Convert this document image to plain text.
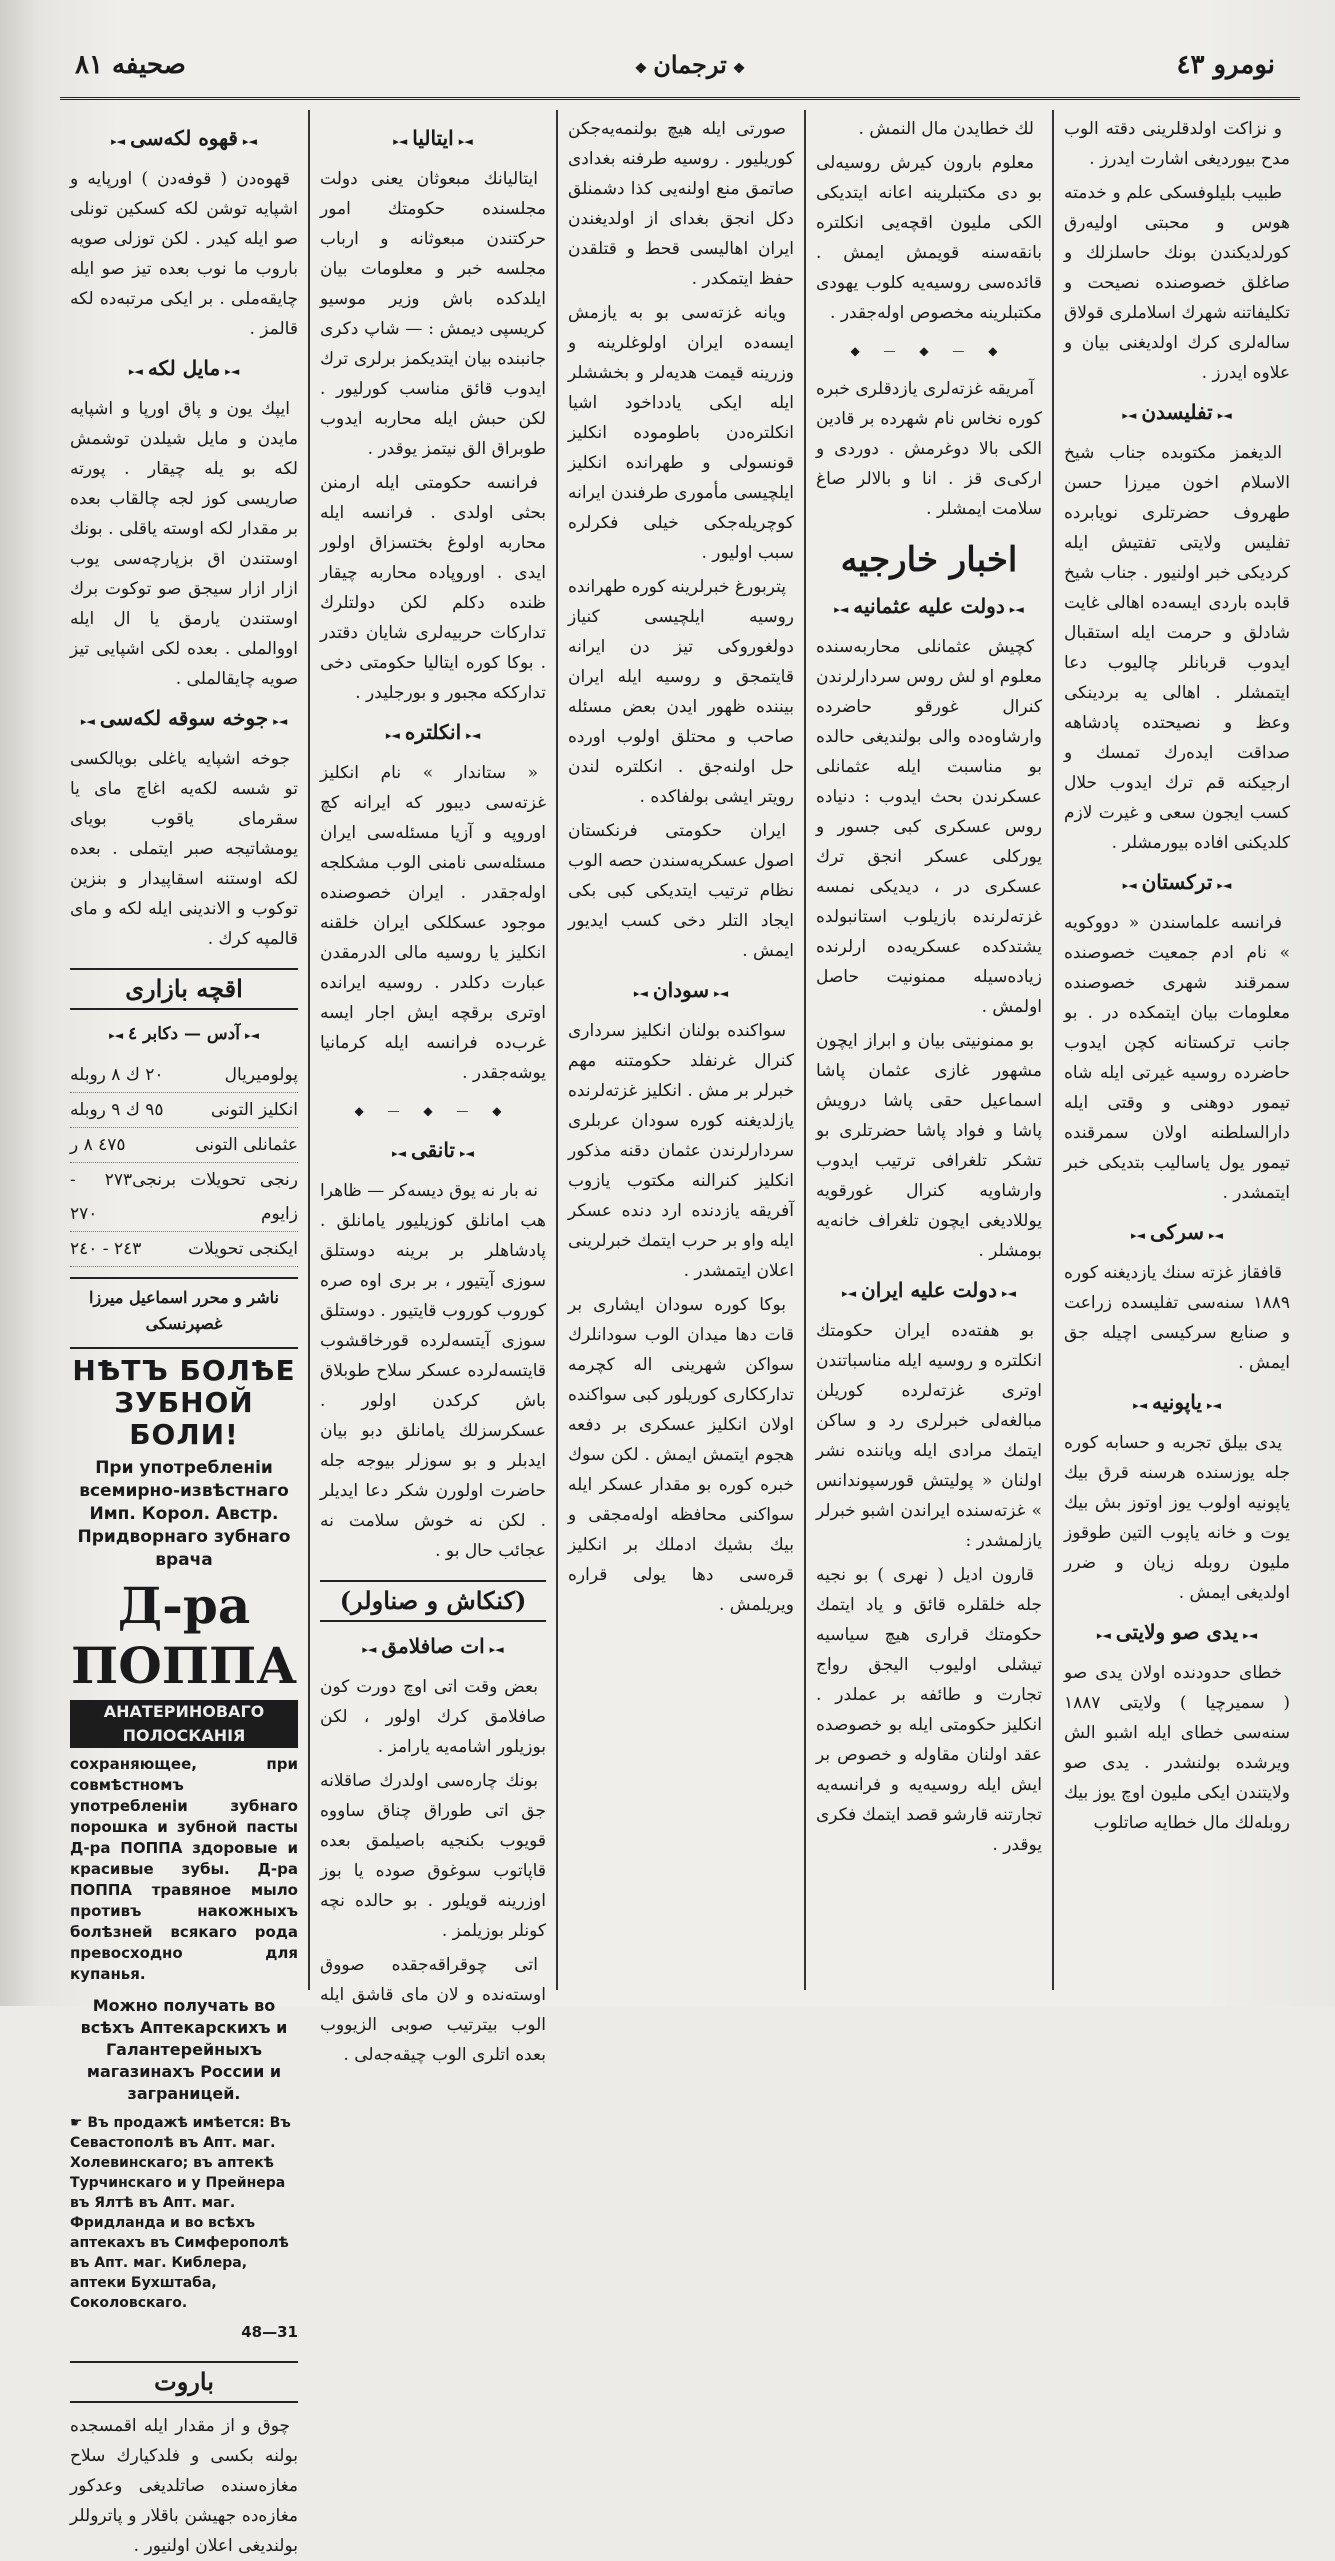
صحيفه ٨١
❖	ترجمان ❖	نومرو ٤٣

و نزاكت اولدقلرينى دقته الوب مدح بيورديغى اشارت ايدرز .

طبيب بليلوفسكى علم و خدمته هوس و محبتى اوليه‌رق كورلديكندن بونك حاسلزلك و صاغلق خصوصنده نصيحت و تكليفاتنه شهرك اسلاملرى قولاق ساله‌لرى كرك اولديغنى بيان و علاوه ايدرز .

◄▸ تفليسدن ◄▸

الديغمز مكتوبده جناب شيخ الاسلام اخون ميرزا حسن طهروف حضرتلرى نويابرده تفليس ولايتى تفتيش ايله كرديكى خبر اولنيور . جناب شيخ قابده باردى ايسه‌ده اهالى غايت شادلق و حرمت ايله استقبال ايدوب قربانلر چاليوب دعا ايتمشلر . اهالى يه بردينكى وعظ و نصيحتده پادشاهه صداقت ايده‌رك تمسك و ارجيكنه قم ترك ايدوب حلال كسب ايجون سعى و غيرت لازم كلديكنى افاده بيورمشلر .

◄▸ تركستان ◄▸

فرانسه علماسندن « دووكويه » نام ادم جمعيت خصوصنده سمرقند شهرى خصوصنده معلومات بيان ايتمكده در . بو جانب تركستانه كچن ايدوب حاضرده روسيه غيرتى ايله شاه تيمور دوهنى و وقتى ايله دارالسلطنه اولان سمرقنده تيمور يول ياساليب بتديكى خبر ايتمشدر .

◄▸ سركى ◄▸

قافقاز غزته سنك يازديغنه كوره ١٨٨٩ سنه‌سى تفليسده زراعت و صنايع سركيسى اچيله جق ايمش .

◄▸ ياپونيه ◄▸

يدى بيلق تجربه و حسابه كوره جله يوزسنده هرسنه قرق بيك ياپونيه اولوب يوز اوتوز بش بيك يوت و خانه ياپوب التين طوقوز مليون روبله زيان و ضرر اولديغى ايمش .

◄▸ يدى صو ولايتى ◄▸

خطاى حدودنده اولان يدى صو ( سميرچيا ) ولايتى ١٨٨٧ سنه‌سى خطاى ايله اشبو الش ويرشده بولنشدر . يدى صو ولايتندن ايكى مليون اوچ يوز بيك روبله‌لك مال خطايه صاتلوب

لك خطايدن مال النمش .

معلوم بارون كيرش روسيه‌لى بو دى مكتبلرينه اعانه ايتديكى الكى مليون اقچه‌يى انكلتره بانقه‌سنه قويمش ايمش . قائده‌سى روسيه‌يه كلوب يهودى مكتبلرينه مخصوص اوله‌جقدر .

◆ — ◆ — ◆

آمريقه غزته‌لرى يازدقلرى خبره كوره نخاس نام شهرده بر قادين الكى بالا دوغرمش . دوردى و اركى‌ى قز . انا و بالالر صاغ سلامت ايمشلر .

اخبار خارجيه
◄▸ دولت عليه عثمانيه ◄▸

كچيش عثمانلى محاربه‌سنده معلوم او لش روس سردارلرندن كنرال غورقو حاضرده وارشاوه‌ده والى بولنديغى حالده بو مناسبت ايله عثمانلى عسكرندن بحث ايدوب : دنياده روس عسكرى كبى جسور و يوركلى عسكر انجق ترك عسكرى در ، ديديكى نمسه غزته‌لرنده بازيلوب استانبولده يشتدكده عسكريه‌ده ارلرنده زياده‌سيله ممنونيت حاصل اولمش .

بو ممنونيتى بيان و ابراز ايچون مشهور غازى عثمان پاشا اسماعيل حقى پاشا درويش پاشا و فواد پاشا حضرتلرى بو تشكر تلغرافى ترتيب ايدوب وارشاويه كنرال غورقويه يوللاديغى ايچون تلغراف خانه‌يه بومشلر .

◄▸ دولت عليه ايران ◄▸

بو هفته‌ده ايران حكومتك انكلتره و روسيه ايله مناسباتندن اوترى غزته‌لرده كوريلن مبالغه‌لى خبرلرى رد و ساكن ايتمك مرادى ايله وياننده نشر اولنان « پوليتش قورسپوندانس » غزته‌سنده ايراندن اشبو خبرلر يازلمشدر :

قارون اديل ( نهرى ) بو نجيه جله خلقلره قائق و ياد ايتمك حكومتك قرارى هيچ سياسيه تيشلى اوليوب اليجق رواج تجارت و طائفه بر عملدر . انكليز حكومتى ايله بو خصوصده عقد اولنان مقاوله و خصوص بر ايش ايله روسيه‌يه و فرانسه‌يه تجارتنه قارشو قصد ايتمك فكرى يوقدر .

صورتى ايله هيچ بولنمه‌يه‌جكن كوريليور . روسيه طرفنه بغدادى صاتمق منع اولنه‌يى كذا دشمنلق دكل انجق بغداى از اولديغندن ايران اهاليسى قحط و قتلقدن حفظ ايتمكدر .

ويانه غزته‌سى بو به يازمش ايسه‌ده ايران اولوغلرينه و وزرينه قيمت هديه‌لر و بخششلر ايله ايكى يادداخود اشيا انكلتره‌دن باطوموده انكليز قونسولى و طهرانده انكليز ايلچيسى مأمورى طرفندن ايرانه كوچريله‌جكى خيلى فكرلره سبب اوليور .

پتربورغ خبرلرينه كوره طهرانده روسيه ايلچيسى كنياز دولغوروكى تيز دن ايرانه قايتمجق و روسيه ايله ايران بيننده ظهور ايدن بعض مسئله صاحب و محتلق اولوب اورده حل اولنه‌جق . انكلتره لندن رويتر ايشى بولفاكده .

ايران حكومتى فرنكستان اصول عسكريه‌سندن حصه الوب نظام ترتيب ايتديكى كبى بكى ايجاد التلر دخى كسب ايديور ايمش .

◄▸ سودان ◄▸

سواكنده بولنان انكليز سردارى كنرال غرنفلد حكومتنه مهم خبرلر بر مش . انكليز غزته‌لرنده يازلديغنه كوره سودان عربلرى سردارلرندن عثمان دقنه مذكور انكليز كنرالنه مكتوب يازوب آفريقه يازدنده ارد دنده عسكر ايله واو بر حرب ايتمك خبرلرينى اعلان ايتمشدر .

بوكا كوره سودان ايشارى بر قات دها ميدان الوب سودانلرك سواكن شهرينى اله كچرمه تدارككارى كوريلور كبى سواكنده اولان انكليز عسكرى بر دفعه هجوم ايتمش ايمش . لكن سوك خبره كوره بو مقدار عسكر ايله سواكنى محافظه اوله‌مجقى و بيك بشيك ادملك بر انكليز قره‌سى دها يولى قراره ويريلمش .

◄▸ ايتاليا ◄▸

ايتاليانك مبعوثان يعنى دولت مجلسنده حكومتك امور حركتندن مبعوثانه و ارباب مجلسه خبر و معلومات بيان ايلدكده باش وزير موسيو كريسپى ديمش : — شاپ دكرى جانبنده بيان ايتديكمز برلرى ترك ايدوب قائق مناسب كورليور . لكن حبش ايله محاربه ايدوب طوبراق الق نيتمز يوقدر .

فرانسه حكومتى ايله ارمنن بحثى اولدى . فرانسه ايله محاربه اولوغ بختسزاق اولور ايدى . اوروپاده محاربه چيقار ظنده دكلم لكن دولتلرك تداركات حربيه‌لرى شايان دقتدر . بوكا كوره ايتاليا حكومتى دخى تدارككه مجبور و بورجليدر .

◄▸ انكلتره ◄▸

« ستاندار » نام انكليز غزته‌سى ديبور كه ايرانه كچ اوروپه و آزيا مسئله‌سى ايران مسئله‌سى نامنى الوب مشكلجه اوله‌جقدر . ايران خصوصنده موجود عسكلكى ايران خلقنه انكليز يا روسيه مالى الدرمقدن عبارت دكلدر . روسيه ايرانده اوترى برقچه ايش اجار ايسه غرب‌ده فرانسه ايله كرمانيا يوشه‌جقدر .

◆ — ◆ — ◆
◄▸ تانقى ◄▸

نه بار نه يوق ديسه‌كر — ظاهرا هب امانلق كوزيليور يامانلق . پادشاهلر بر برينه دوستلق سوزى آيتيور ، بر برى اوه صره كوروب كوروب قايتيور . دوستلق سوزى آيتسه‌لرده قورخاقشوب قايتسه‌لرده عسكر سلاح طوبلاق باش كركدن اولور . عسكرسزلك يامانلق دبو بيان ايدبلر و بو سوزلر بيوجه جله حاضرت اولورن شكر دعا ايديلر . لكن نه خوش سلامت نه عجائب حال بو .

(كنكاش و صناولر)
◄▸ ات صافلامق ◄▸

بعض وقت اتى اوچ دورت كون صافلامق كرك اولور ، لكن بوزيلور اشامه‌يه يارامز .

بونك چاره‌سى اولدرك صاقلانه جق اتى طوراق چناق ساووه قويوب بكنجيه باصيلمق بعده قاپاتوب سوغوق صوده يا بوز اوزرينه قويلور . بو حالده نچه كونلر بوزيلمز .

اتى چوقراقه‌جقده صووق اوسته‌نده و لان ماى قاشق ايله الوب بيترتيب صوبى الزيووب بعده اتلرى الوب چيقه‌جه‌لى .

◄▸ قهوه لكه‌سى ◄▸

قهوه‌دن ( قوفه‌دن ) اورپايه و اشپايه توشن لكه كسكين تونلى صو ايله كيدر . لكن توزلى صويه باروب ما نوب بعده تيز صو ايله چايقه‌ملى . بر ايكى مرتبه‌ده لكه قالمز .

◄▸ مايل لكه ◄▸

ايپك يون و پاق اورپا و اشپايه مايدن و مايل شيلدن توشمش لكه بو يله چيقار . پورته صاريسى كوز لجه چالقاب بعده بر مقدار لكه اوسته ياقلى . بونك اوستندن اق بزپارچه‌سى يوب ازار ازار سيجق صو توكوت برك اوستندن يارمق يا ال ايله اووالملى . بعده لكى اشپايى تيز صويه چايقالملى .

◄▸ جوخه سوقه لكه‌سى ◄▸

جوخه اشپايه ياغلى بويالكسى تو شسه لكه‌يه اغاچ ماى يا سقرماى ياقوب بوياى يومشاتيجه صبر ايتملى . بعده لكه اوستنه اسقاپيدار و بنزين توكوب و الاندينى ايله لكه و ماى قالمپه كرك .

اقچه بازارى
◄▸ آدس — دكابر ٤ ◄▸
پولوميريال
٢٠ ك ٨ روبله
انكليز التونى
٩٥ ك ٩ روبله
عثمانلى التونى
٤٧٥ ٨ ر
رنجى تحويلات برنجى زايوم
٢٧٣ - ٢٧٠
ايكنجى تحويلات
٢٤٣ - ٢٤٠
ناشر و محرر اسماعيل ميرزا غصپرنسكى
НѢТЪ БОЛѢЕ ЗУБНОЙ БОЛИ!
При употребленiи всемирно-извѣстнаго Имп. Корол. Австр. Придворнаго зубнаго врача
Д-ра ПОППА
АНАТЕРИНОВАГО ПОЛОСКАНIЯ
сохраняющее, при совмѣстномъ употребленiи зубнаго порошка и зубной пасты Д-ра ПОППА здоровые и красивые зубы. Д-ра ПОППА травяное мыло противъ накожныхъ болѣзней всякаго рода превосходно для купанья.
Можно получать во всѣхъ Аптекарскихъ и Галантерейныхъ магазинахъ России и заграницей.
☛ Въ продажѣ имѣется: Въ Севастополѣ въ Апт. маг. Холевинскаго; въ аптекѣ Турчинскаго и у Прейнера въ Ялтѣ въ Апт. маг. Фридланда и во всѣхъ аптекахъ въ Симферополѣ въ Апт. маг. Киблера, аптеки Бухштаба, Соколовскаго.
48—31
باروت

چوق و از مقدار ايله اقمسجده بولنه بكسى و فلدكيارك سلاح مغازه‌سنده صاتلديغى وعدكور مغازه‌ده جهيشن باقلار و پاتروللر بولنديغى اعلان اولنيور .
